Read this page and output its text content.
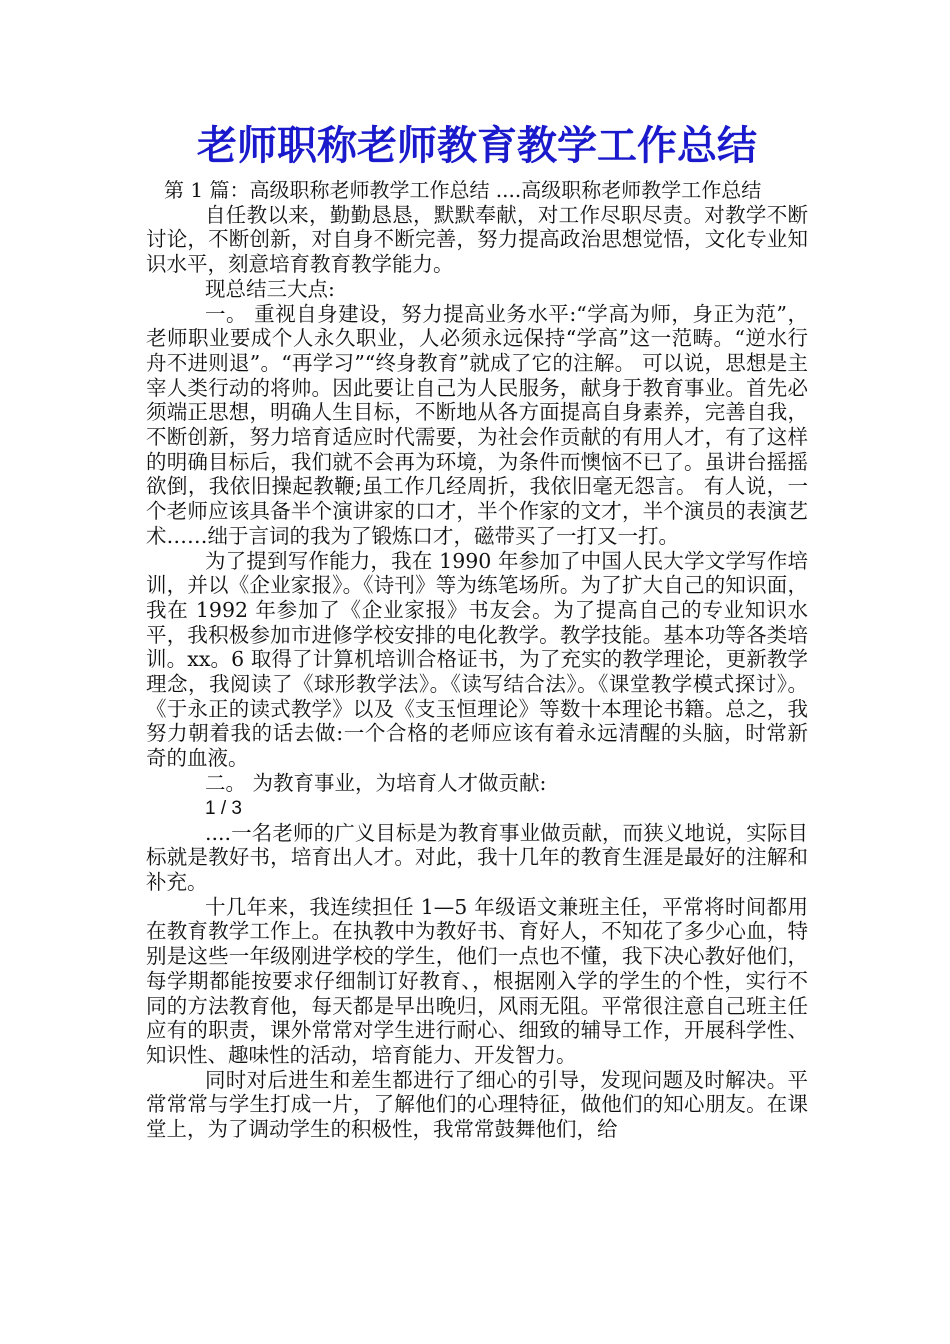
老师职称老师教育教学工作总结

第 1 篇：高级职称老师教学工作总结 ....高级职称老师教学工作总结

自任教以来，勤勤恳恳，默默奉献，对工作尽职尽责。对教学不断讨论，不断创新，对自身不断完善，努力提高政治思想觉悟，文化专业知识水平，刻意培育教育教学能力。

现总结三大点:

一。 重视自身建设，努力提高业务水平:“学高为师，身正为范”，老师职业要成个人永久职业，人必须永远保持“学高”这一范畴。“逆水行舟不进则退”。“再学习”“终身教育”就成了它的注解。 可以说，思想是主宰人类行动的将帅。因此要让自己为人民服务，献身于教育事业。首先必须端正思想，明确人生目标，不断地从各方面提高自身素养，完善自我，不断创新，努力培育适应时代需要，为社会作贡献的有用人才，有了这样的明确目标后，我们就不会再为环境，为条件而懊恼不已了。虽讲台摇摇欲倒，我依旧操起教鞭;虽工作几经周折，我依旧毫无怨言。 有人说，一个老师应该具备半个演讲家的口才，半个作家的文才，半个演员的表演艺术……绌于言词的我为了锻炼口才，磁带买了一打又一打。

为了提到写作能力，我在 1990 年参加了中国人民大学文学写作培训，并以《企业家报》。《诗刊》等为练笔场所。为了扩大自己的知识面，我在 1992 年参加了《企业家报》书友会。为了提高自己的专业知识水平，我积极参加市进修学校安排的电化教学。教学技能。基本功等各类培训。xx。6 取得了计算机培训合格证书，为了充实的教学理论，更新教学理念，我阅读了《球形教学法》。《读写结合法》。《课堂教学模式探讨》。《于永正的读式教学》以及《支玉恒理论》等数十本理论书籍。总之，我努力朝着我的话去做:一个合格的老师应该有着永远清醒的头脑，时常新奇的血液。

二。 为教育事业，为培育人才做贡献:

1 / 3

....一名老师的广义目标是为教育事业做贡献，而狭义地说，实际目标就是教好书，培育出人才。对此，我十几年的教育生涯是最好的注解和补充。

十几年来，我连续担任 1—5 年级语文兼班主任，平常将时间都用在教育教学工作上。在执教中为教好书、育好人，不知花了多少心血，特别是这些一年级刚进学校的学生，他们一点也不懂，我下决心教好他们，每学期都能按要求仔细制订好教育、，根据刚入学的学生的个性，实行不同的方法教育他，每天都是早出晚归，风雨无阻。平常很注意自己班主任应有的职责，课外常常对学生进行耐心、细致的辅导工作，开展科学性、知识性、趣味性的活动，培育能力、开发智力。

同时对后进生和差生都进行了细心的引导，发现问题及时解决。平常常常与学生打成一片，了解他们的心理特征，做他们的知心朋友。在课堂上，为了调动学生的积极性，我常常鼓舞他们，给
